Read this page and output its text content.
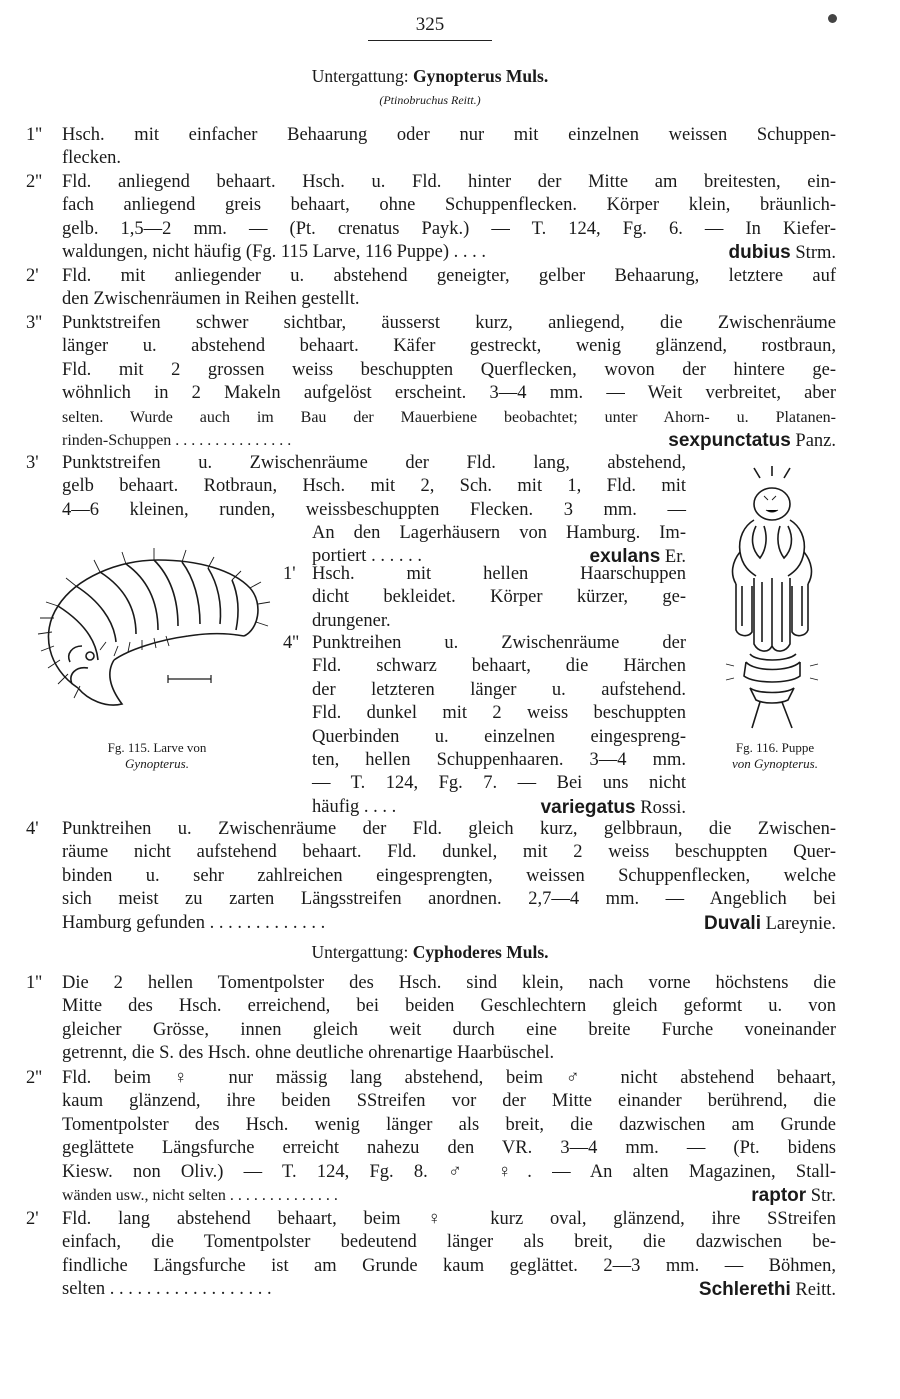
325
Untergattung: Gynopterus Muls.
(Ptinobruchus Reitt.)
1''	Hsch. mit einfacher Behaarung oder nur mit einzelnen weissen Schuppen-
flecken.
2''	Fld. anliegend behaart. Hsch. u. Fld. hinter der Mitte am breitesten, ein-
fach anliegend greis behaart, ohne Schuppenflecken. Körper klein, bräunlich-
gelb. 1,5—2 mm. — (Pt. crenatus Payk.) — T. 124, Fg. 6. — In Kiefer-
waldungen, nicht häufig (Fg. 115 Larve, 116 Puppe) . . . .	dubius Strm.
2'	Fld. mit anliegender u. abstehend geneigter, gelber Behaarung, letztere auf
den Zwischenräumen in Reihen gestellt.
3''	Punktstreifen schwer sichtbar, äusserst kurz, anliegend, die Zwischenräume
länger u. abstehend behaart. Käfer gestreckt, wenig glänzend, rostbraun,
Fld. mit 2 grossen weiss beschuppten Querflecken, wovon der hintere ge-
wöhnlich in 2 Makeln aufgelöst erscheint. 3—4 mm. — Weit verbreitet, aber
selten. Wurde auch im Bau der Mauerbiene beobachtet; unter Ahorn- u. Platanen-
rinden-Schuppen . . . . . . . . . . . . . . .	sexpunctatus Panz.
3'	Punktstreifen u. Zwischenräume der Fld. lang, abstehend,
gelb behaart. Rotbraun, Hsch. mit 2, Sch. mit 1, Fld. mit
4—6 kleinen, runden, weissbeschuppten Flecken. 3 mm. —
An den Lagerhäusern von Hamburg. Im-
portiert . . . . . .	exulans Er.
1' Hsch. mit hellen Haarschuppen
dicht bekleidet. Körper kürzer, ge-
drungener.
4'' Punktreihen u. Zwischenräume der
Fld. schwarz behaart, die Härchen
der letzteren länger u. aufstehend.
Fld. dunkel mit 2 weiss beschuppten
Querbinden u. einzelnen eingespreng-
ten, hellen Schuppenhaaren. 3—4 mm.
— T. 124, Fg. 7. — Bei uns nicht
häufig . . . .	variegatus Rossi.
Fg. 115. Larve von
Gynopterus.
Fg. 116. Puppe
von Gynopterus.
4'	Punktreihen u. Zwischenräume der Fld. gleich kurz, gelbbraun, die Zwischen-
räume nicht aufstehend behaart. Fld. dunkel, mit 2 weiss beschuppten Quer-
binden u. sehr zahlreichen eingesprengten, weissen Schuppenflecken, welche
sich meist zu zarten Längsstreifen anordnen. 2,7—4 mm. — Angeblich bei
Hamburg gefunden . . . . . . . . . . . . .	Duvali Lareynie.
Untergattung: Cyphoderes Muls.
1''	Die 2 hellen Tomentpolster des Hsch. sind klein, nach vorne höchstens die
Mitte des Hsch. erreichend, bei beiden Geschlechtern gleich geformt u. von
gleicher Grösse, innen gleich weit durch eine breite Furche voneinander
getrennt, die S. des Hsch. ohne deutliche ohrenartige Haarbüschel.
2''	Fld. beim ♀ nur mässig lang abstehend, beim ♂ nicht abstehend behaart,
kaum glänzend, ihre beiden SStreifen vor der Mitte einander berührend, die
Tomentpolster des Hsch. wenig länger als breit, die dazwischen am Grunde
geglättete Längsfurche erreicht nahezu den VR. 3—4 mm. — (Pt. bidens
Kiesw. non Oliv.) — T. 124, Fg. 8. ♂ ♀. — An alten Magazinen, Stall-
wänden usw., nicht selten . . . . . . . . . . . . . .	raptor Str.
2'	Fld. lang abstehend behaart, beim ♀ kurz oval, glänzend, ihre SStreifen
einfach, die Tomentpolster bedeutend länger als breit, die dazwischen be-
findliche Längsfurche ist am Grunde kaum geglättet. 2—3 mm. — Böhmen,
selten . . . . . . . . . . . . . . . . . .	Schlerethi Reitt.
